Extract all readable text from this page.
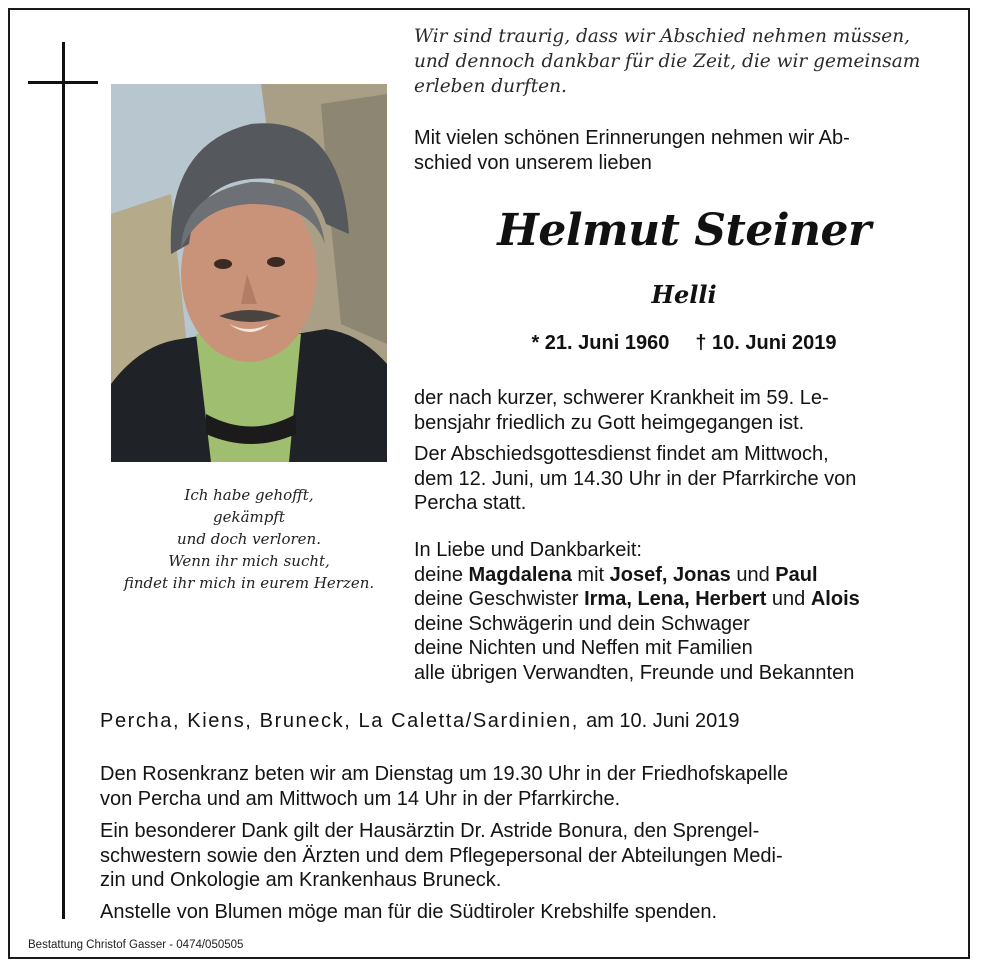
Ich habe gehofft,
gekämpft
und doch verloren.
Wenn ihr mich sucht,
findet ihr mich in eurem Herzen.
Wir sind traurig, dass wir Abschied nehmen müssen,
und dennoch dankbar für die Zeit, die wir gemeinsam
erleben durften.
Mit vielen schönen Erinnerungen nehmen wir Ab-
schied von unserem lieben
Helmut Steiner
Helli
* 21. Juni 1960 † 10. Juni 2019
der nach kurzer, schwerer Krankheit im 59. Le-
bensjahr friedlich zu Gott heimgegangen ist.
Der Abschiedsgottesdienst findet am Mittwoch,
dem 12. Juni, um 14.30 Uhr in der Pfarrkirche von
Percha statt.
In Liebe und Dankbarkeit:
deine Magdalena mit Josef, Jonas und Paul
deine Geschwister Irma, Lena, Herbert und Alois
deine Schwägerin und dein Schwager
deine Nichten und Neffen mit Familien
alle übrigen Verwandten, Freunde und Bekannten
Percha, Kiens, Bruneck, La Caletta/Sardinien, am 10. Juni 2019
Den Rosenkranz beten wir am Dienstag um 19.30 Uhr in der Friedhofskapelle
von Percha und am Mittwoch um 14 Uhr in der Pfarrkirche.
Ein besonderer Dank gilt der Hausärztin Dr. Astride Bonura, den Sprengel-
schwestern sowie den Ärzten und dem Pflegepersonal der Abteilungen Medi-
zin und Onkologie am Krankenhaus Bruneck.
Anstelle von Blumen möge man für die Südtiroler Krebshilfe spenden.
Bestattung Christof Gasser - 0474/050505
